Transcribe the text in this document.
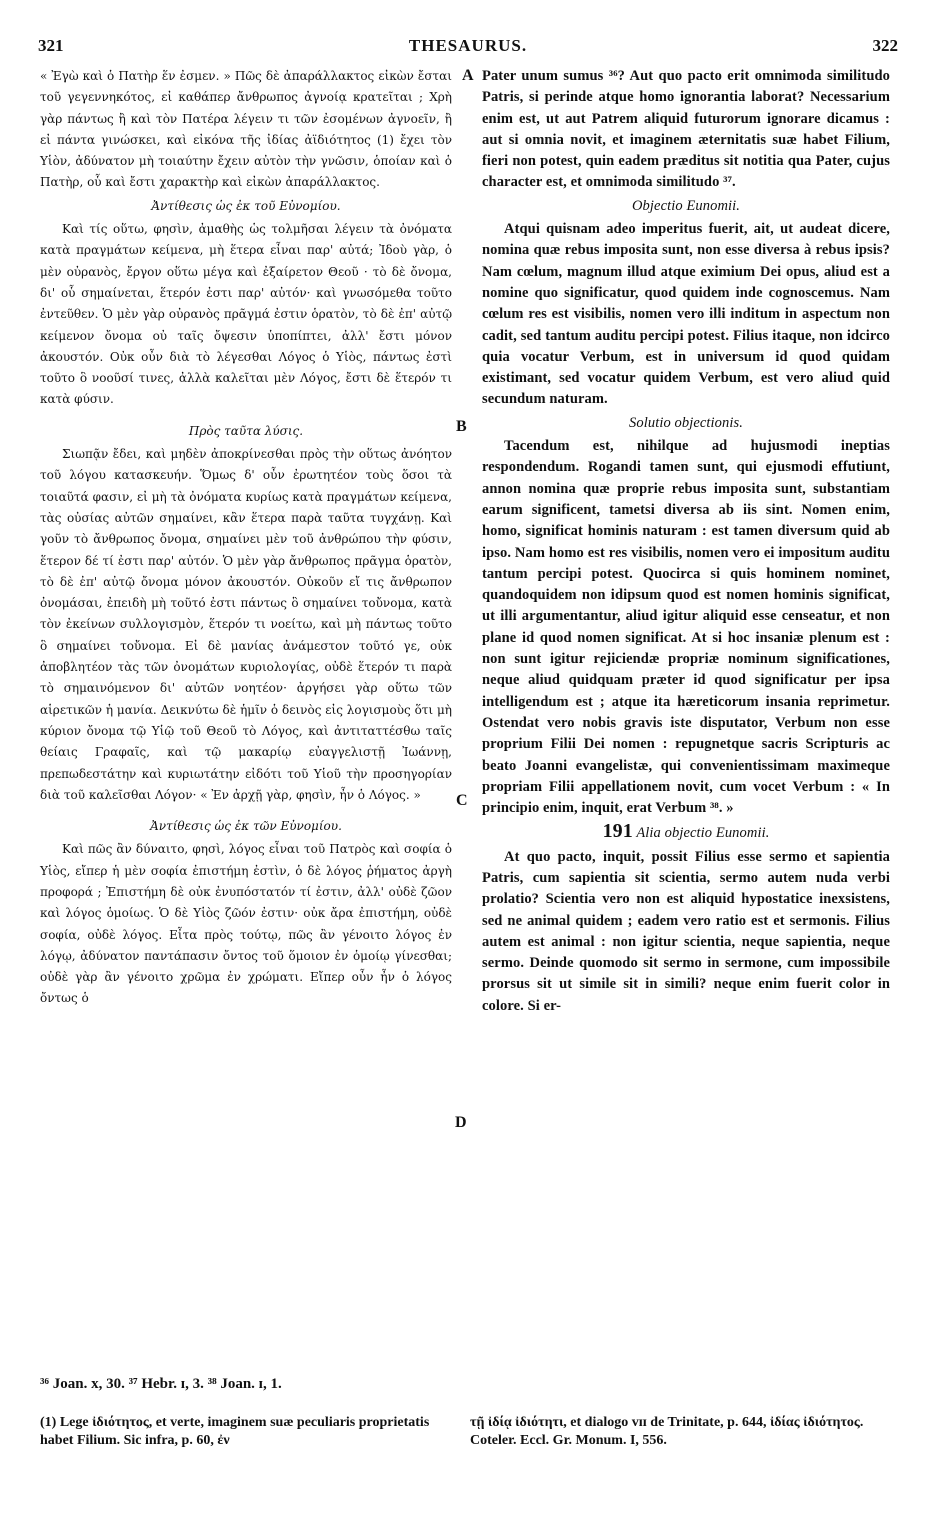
321	THESAURUS.	322

« Ἐγὼ καὶ ὁ Πατὴρ ἕν ἐσμεν. » Πῶς δὲ ἀπαράλλακτος εἰκὼν ἔσται τοῦ γεγεννηκότος, εἰ καθάπερ ἄνθρωπος ἀγνοίᾳ κρατεῖται ; Χρὴ γὰρ πάντως ἢ καὶ τὸν Πατέρα λέγειν τι τῶν ἐσομένων ἀγνοεῖν, ἢ εἰ πάντα γινώσκει, καὶ εἰκόνα τῆς ἰδίας ἀϊδιότητος (1) ἔχει τὸν Υἱὸν, ἀδύνατον μὴ τοιαύτην ἔχειν αὐτὸν τὴν γνῶσιν, ὁποίαν καὶ ὁ Πατὴρ, οὗ καὶ ἔστι χαρακτὴρ καὶ εἰκὼν ἀπαράλλακτος.

Ἀντίθεσις ὡς ἐκ τοῦ Εὐνομίου.

Καὶ τίς οὕτω, φησὶν, ἀμαθὴς ὡς τολμῆσαι λέγειν τὰ ὀνόματα κατὰ πραγμάτων κείμενα, μὴ ἕτερα εἶναι παρ' αὐτά; Ἰδοὺ γὰρ, ὁ μὲν οὐρανὸς, ἔργον οὕτω μέγα καὶ ἐξαίρετον Θεοῦ · τὸ δὲ ὄνομα, δι' οὗ σημαίνεται, ἕτερόν ἐστι παρ' αὐτόν· καὶ γνωσόμεθα τοῦτο ἐντεῦθεν. Ὁ μὲν γὰρ οὐρανὸς πρᾶγμά ἐστιν ὁρατὸν, τὸ δὲ ἐπ' αὐτῷ κείμενον ὄνομα οὐ ταῖς ὄψεσιν ὑποπίπτει, ἀλλ' ἔστι μόνον ἀκουστόν. Οὐκ οὖν διὰ τὸ λέγεσθαι Λόγος ὁ Υἱὸς, πάντως ἐστὶ τοῦτο ὃ νοοῦσί τινες, ἀλλὰ καλεῖται μὲν Λόγος, ἔστι δὲ ἕτερόν τι κατὰ φύσιν.

Πρὸς ταῦτα λύσις.

Σιωπᾷν ἔδει, καὶ μηδὲν ἀποκρίνεσθαι πρὸς τὴν οὕτως ἀνόητον τοῦ λόγου κατασκευήν. Ὅμως δ' οὖν ἐρωτητέον τοὺς ὅσοι τὰ τοιαῦτά φασιν, εἰ μὴ τὰ ὀνόματα κυρίως κατὰ πραγμάτων κείμενα, τὰς οὐσίας αὐτῶν σημαίνει, κἂν ἕτερα παρὰ ταῦτα τυγχάνῃ. Καὶ γοῦν τὸ ἄνθρωπος ὄνομα, σημαίνει μὲν τοῦ ἀνθρώπου τὴν φύσιν, ἕτερον δέ τί ἐστι παρ' αὐτόν. Ὁ μὲν γὰρ ἄνθρωπος πρᾶγμα ὁρατὸν, τὸ δὲ ἐπ' αὐτῷ ὄνομα μόνον ἀκουστόν. Οὐκοῦν εἴ τις ἄνθρωπον ὀνομάσαι, ἐπειδὴ μὴ τοῦτό ἐστι πάντως ὃ σημαίνει τοὔνομα, κατὰ τὸν ἐκείνων συλλογισμὸν, ἕτερόν τι νοείτω, καὶ μὴ πάντως τοῦτο ὃ σημαίνει τοὔνομα. Εἰ δὲ μανίας ἀνάμεστον τοῦτό γε, οὐκ ἀποβλητέον τὰς τῶν ὀνομάτων κυριολογίας, οὐδὲ ἕτερόν τι παρὰ τὸ σημαινόμενον δι' αὐτῶν νοητέον· ἀργήσει γὰρ οὕτω τῶν αἱρετικῶν ἡ μανία. Δεικνύτω δὲ ἡμῖν ὁ δεινὸς εἰς λογισμοὺς ὅτι μὴ κύριον ὄνομα τῷ Υἱῷ τοῦ Θεοῦ τὸ Λόγος, καὶ ἀντιταττέσθω ταῖς θείαις Γραφαῖς, καὶ τῷ μακαρίῳ εὐαγγελιστῇ Ἰωάννῃ, πρεπωδεστάτην καὶ κυριωτάτην εἰδότι τοῦ Υἱοῦ τὴν προσηγορίαν διὰ τοῦ καλεῖσθαι Λόγον· « Ἐν ἀρχῇ γὰρ, φησὶν, ἦν ὁ Λόγος. »

Ἀντίθεσις ὡς ἐκ τῶν Εὐνομίου.

Καὶ πῶς ἂν δύναιτο, φησὶ, λόγος εἶναι τοῦ Πατρὸς καὶ σοφία ὁ Υἱὸς, εἴπερ ἡ μὲν σοφία ἐπιστήμη ἐστὶν, ὁ δὲ λόγος ῥήματος ἀργὴ προφορά ; Ἐπιστήμη δὲ οὐκ ἐνυπόστατόν τί ἐστιν, ἀλλ' οὐδὲ ζῶον καὶ λόγος ὁμοίως. Ὁ δὲ Υἱὸς ζῶόν ἐστιν· οὐκ ἄρα ἐπιστήμη, οὐδὲ σοφία, οὐδὲ λόγος. Εἶτα πρὸς τούτῳ, πῶς ἂν γένοιτο λόγος ἐν λόγῳ, ἀδύνατον παντάπασιν ὄντος τοῦ ὅμοιον ἐν ὁμοίῳ γίνεσθαι; οὐδὲ γὰρ ἂν γένοιτο χρῶμα ἐν χρώματι. Εἴπερ οὖν ἦν ὁ λόγος ὄντως ὁ

A
B
C
D

Pater unum sumus ³⁶? Aut quo pacto erit omnimoda similitudo Patris, si perinde atque homo ignorantia laborat? Necessarium enim est, ut aut Patrem aliquid futurorum ignorare dicamus : aut si omnia novit, et imaginem æternitatis suæ habet Filium, fieri non potest, quin eadem præditus sit notitia qua Pater, cujus character est, et omnimoda similitudo ³⁷.

Objectio Eunomii.

Atqui quisnam adeo imperitus fuerit, ait, ut audeat dicere, nomina quæ rebus imposita sunt, non esse diversa à rebus ipsis? Nam cœlum, magnum illud atque eximium Dei opus, aliud est a nomine quo significatur, quod quidem inde cognoscemus. Nam cœlum res est visibilis, nomen vero illi inditum in aspectum non cadit, sed tantum auditu percipi potest. Filius itaque, non idcirco quia vocatur Verbum, est in universum id quod quidam existimant, sed vocatur quidem Verbum, est vero aliud quid secundum naturam.

Solutio objectionis.

Tacendum est, nihilque ad hujusmodi ineptias respondendum. Rogandi tamen sunt, qui ejusmodi effutiunt, annon nomina quæ proprie rebus imposita sunt, substantiam earum significent, tametsi diversa ab iis sint. Nomen enim, homo, significat hominis naturam : est tamen diversum quid ab ipso. Nam homo est res visibilis, nomen vero ei impositum auditu tantum percipi potest. Quocirca si quis hominem nominet, quandoquidem non idipsum quod est nomen hominis significat, ut illi argumentantur, aliud igitur aliquid esse censeatur, et non plane id quod nomen significat. At si hoc insaniæ plenum est : non sunt igitur rejiciendæ propriæ nominum significationes, neque aliud quidquam præter id quod significatur per ipsa intelligendum est ; atque ita hæreticorum insania reprimetur. Ostendat vero nobis gravis iste disputator, Verbum non esse proprium Filii Dei nomen : repugnetque sacris Scripturis ac beato Joanni evangelistæ, qui convenientissimam maximeque propriam Filii appellationem novit, cum vocet Verbum : « In principio enim, inquit, erat Verbum ³⁸. »

191 Alia objectio Eunomii.

At quo pacto, inquit, possit Filius esse sermo et sapientia Patris, cum sapientia sit scientia, sermo autem nuda verbi prolatio? Scientia vero non est aliquid hypostatice inexsistens, sed ne animal quidem ; eadem vero ratio est et sermonis. Filius autem est animal : non igitur scientia, neque sapientia, neque sermo. Deinde quomodo sit sermo in sermone, cum impossibile prorsus sit ut simile sit in simili? neque enim fuerit color in colore. Si er-

³⁶ Joan. x, 30. ³⁷ Hebr. ɪ, 3. ³⁸ Joan. ɪ, 1.
(1) Lege ἰδιότητος, et verte, imaginem suæ peculiaris proprietatis habet Filium. Sic infra, p. 60, ἐν
τῇ ἰδίᾳ ἰδιότητι, et dialogo vɪɪ de Trinitate, p. 644, ἰδίας ἰδιότητος. Coteler. Eccl. Gr. Monum. I, 556.
